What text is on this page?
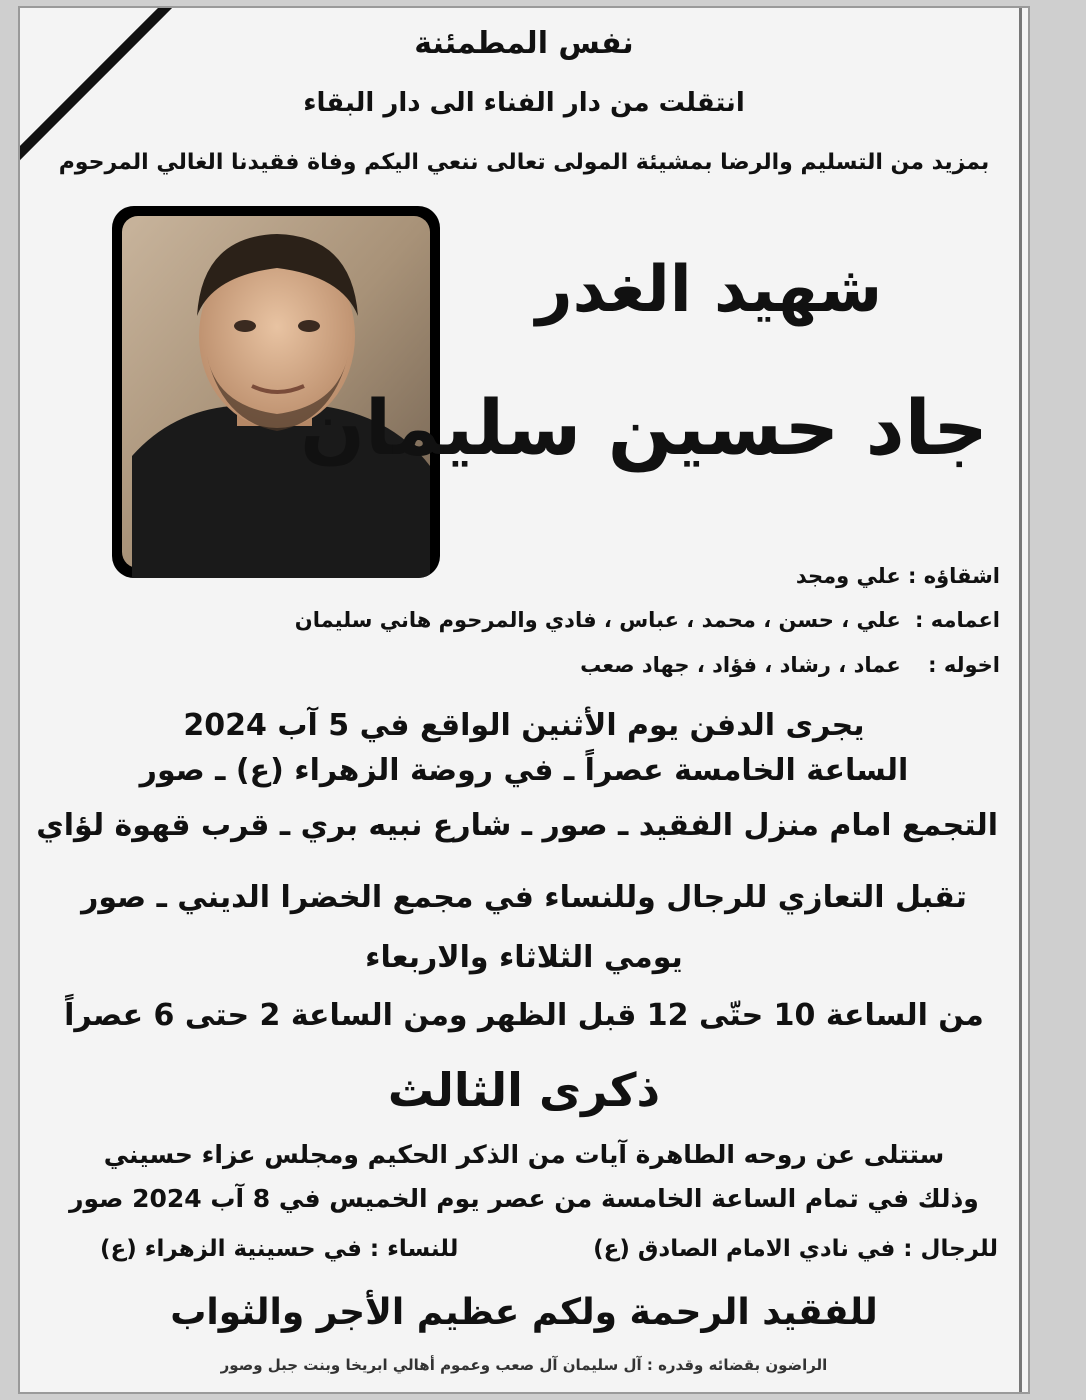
نفس المطمئنة
انتقلت من دار الفناء الى دار البقاء
بمزيد من التسليم والرضا بمشيئة المولى تعالى ننعي اليكم وفاة فقيدنا الغالي المرحوم
شهيد الغدر
جاد حسين سليمان
اشقاؤه : علي ومجد
اعمامه : علي ، حسن ، محمد ، عباس ، فادي والمرحوم هاني سليمان
اخوله : عماد ، رشاد ، فؤاد ، جهاد صعب
يجرى الدفن يوم الأثنين الواقع في 5 آب 2024
الساعة الخامسة عصراً ـ في روضة الزهراء (ع) ـ صور
التجمع امام منزل الفقيد ـ صور ـ شارع نبيه بري ـ قرب قهوة لؤاي
تقبل التعازي للرجال وللنساء في مجمع الخضرا الديني ـ صور
يومي الثلاثاء والاربعاء
من الساعة 10 حتّى 12 قبل الظهر ومن الساعة 2 حتى 6 عصراً
ذكرى الثالث
ستتلى عن روحه الطاهرة آيات من الذكر الحكيم ومجلس عزاء حسيني
وذلك في تمام الساعة الخامسة من عصر يوم الخميس في 8 آب 2024 صور
للرجال : في نادي الامام الصادق (ع)
للنساء : في حسينية الزهراء (ع)
للفقيد الرحمة ولكم عظيم الأجر والثواب
الراضون بقضائه وقدره : آل سليمان آل صعب وعموم أهالي ابريخا وبنت جبل وصور
